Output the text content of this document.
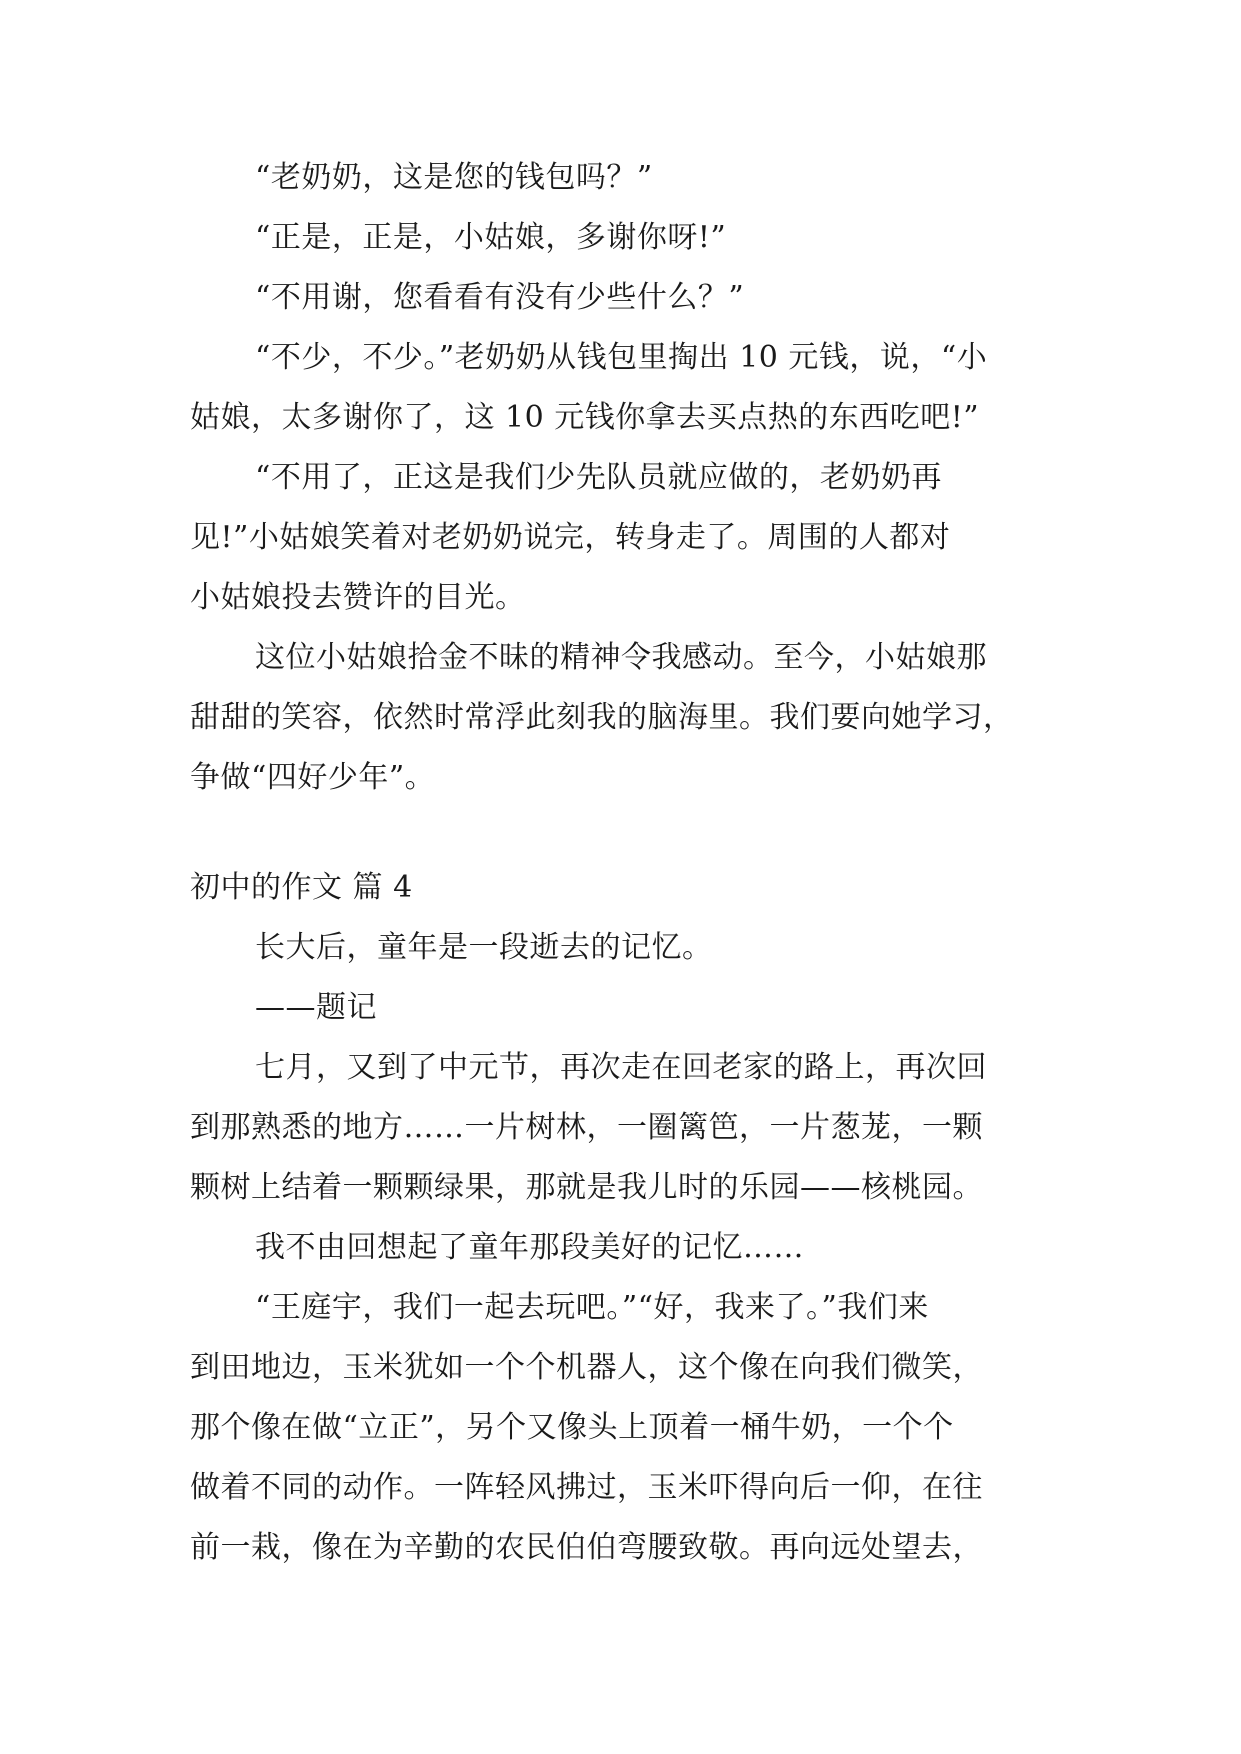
“老奶奶，这是您的钱包吗？”
“正是，正是，小姑娘，多谢你呀!”
“不用谢，您看看有没有少些什么？”
“不少，不少。”老奶奶从钱包里掏出 10 元钱，说，“小
姑娘，太多谢你了，这 10 元钱你拿去买点热的东西吃吧!”
“不用了，正这是我们少先队员就应做的，老奶奶再
见!”小姑娘笑着对老奶奶说完，转身走了。周围的人都对
小姑娘投去赞许的目光。
这位小姑娘拾金不昧的精神令我感动。至今，小姑娘那
甜甜的笑容，依然时常浮此刻我的脑海里。我们要向她学习，
争做“四好少年”。
初中的作文 篇 4
长大后，童年是一段逝去的记忆。
——题记
七月，又到了中元节，再次走在回老家的路上，再次回
到那熟悉的地方……一片树林，一圈篱笆，一片葱茏，一颗
颗树上结着一颗颗绿果，那就是我儿时的乐园——核桃园。
我不由回想起了童年那段美好的记忆……
“王庭宇，我们一起去玩吧。”“好，我来了。”我们来
到田地边，玉米犹如一个个机器人，这个像在向我们微笑，
那个像在做“立正”，另个又像头上顶着一桶牛奶，一个个
做着不同的动作。一阵轻风拂过，玉米吓得向后一仰，在往
前一栽，像在为辛勤的农民伯伯弯腰致敬。再向远处望去，
